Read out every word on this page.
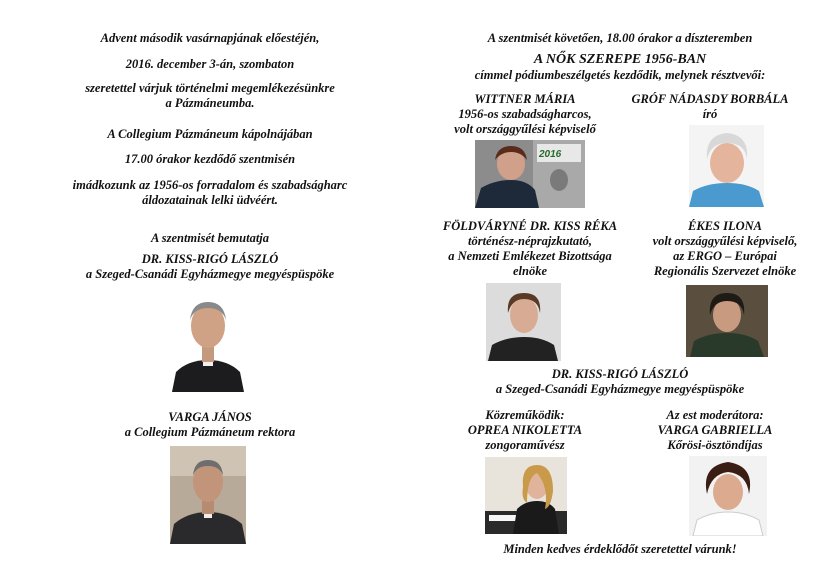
Advent második vasárnapjának előestéjén,
2016. december 3-án, szombaton
szeretettel várjuk történelmi megemlékezésünkre
a Pázmáneumba.
A Collegium Pázmáneum kápolnájában
17.00 órakor kezdődő szentmisén
imádkozunk az 1956-os forradalom és szabadságharc
áldozatainak lelki üdvéért.
A szentmisét bemutatja
DR. KISS-RIGÓ LÁSZLÓ
a Szeged-Csanádi Egyházmegye megyéspüspöke
VARGA JÁNOS
a Collegium Pázmáneum rektora
A szentmisét követően, 18.00 órakor a díszteremben
A NŐK SZEREPE 1956-BAN
címmel pódiumbeszélgetés kezdődik, melynek résztvevői:
WITTNER MÁRIA
1956-os szabadságharcos,
volt országgyűlési képviselő
2016
GRÓF NÁDASDY BORBÁLA
író
FÖLDVÁRYNÉ DR. KISS RÉKA
történész-néprajzkutató,
a Nemzeti Emlékezet Bizottsága
elnöke
ÉKES ILONA
volt országgyűlési képviselő,
az ERGO – Európai
Regionális Szervezet elnöke
DR. KISS-RIGÓ LÁSZLÓ
a Szeged-Csanádi Egyházmegye megyéspüspöke
Közreműködik:
OPREA NIKOLETTA
zongoraművész
Az est moderátora:
VARGA GABRIELLA
Kőrösi-ösztöndíjas
Minden kedves érdeklődőt szeretettel várunk!
